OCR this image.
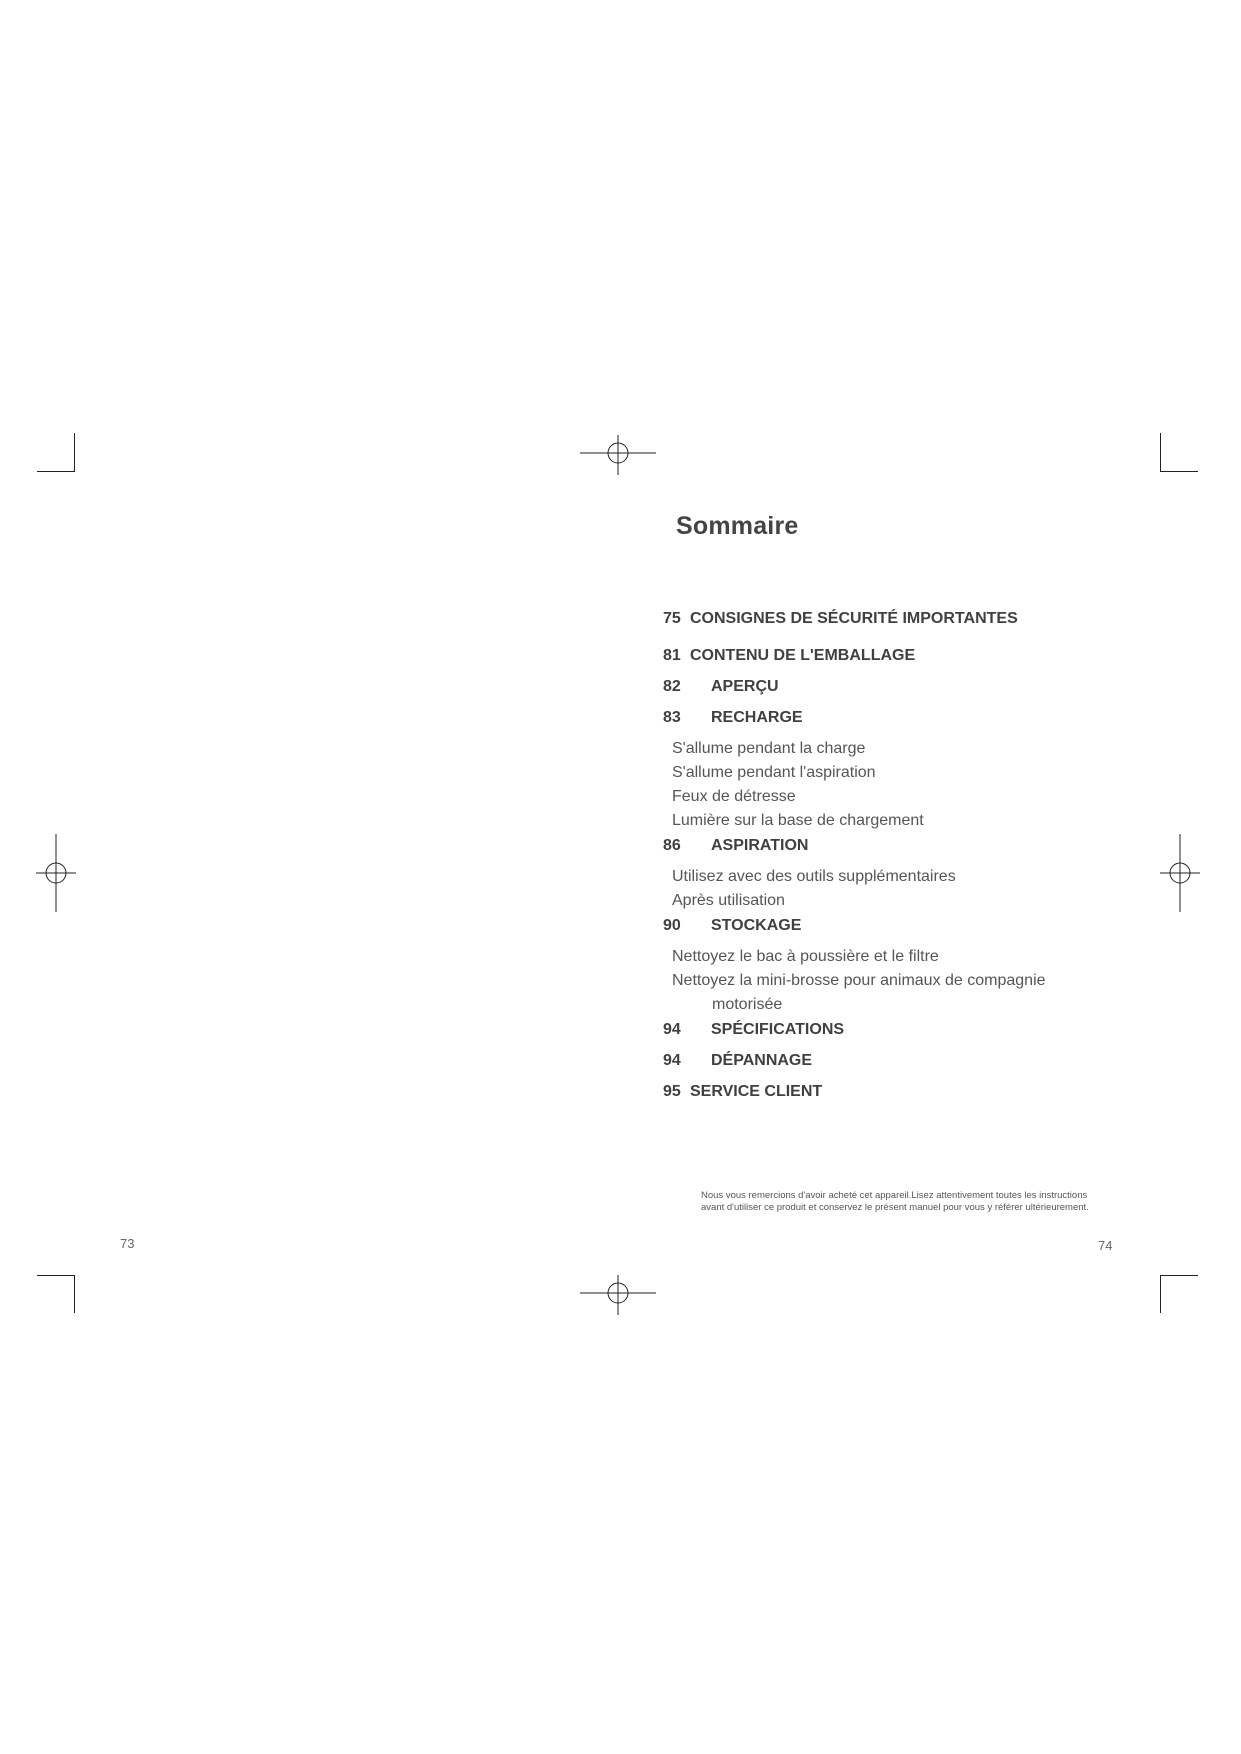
Sommaire
75 CONSIGNES DE SÉCURITÉ IMPORTANTES
81 CONTENU DE L'EMBALLAGE
82 APERÇU
83 RECHARGE
S'allume pendant la charge
S'allume pendant l'aspiration
Feux de détresse
Lumière sur la base de chargement
86 ASPIRATION
Utilisez avec des outils supplémentaires
Après utilisation
90 STOCKAGE
Nettoyez le bac à poussière et le filtre
Nettoyez la mini-brosse pour animaux de compagnie
motorisée
94 SPÉCIFICATIONS
94 DÉPANNAGE
95 SERVICE CLIENT
Nous vous remercions d'avoir acheté cet appareil.Lisez attentivement toutes les instructions avant d'utiliser ce produit et conservez le présent manuel pour vous y référer ultérieurement.
73	74
